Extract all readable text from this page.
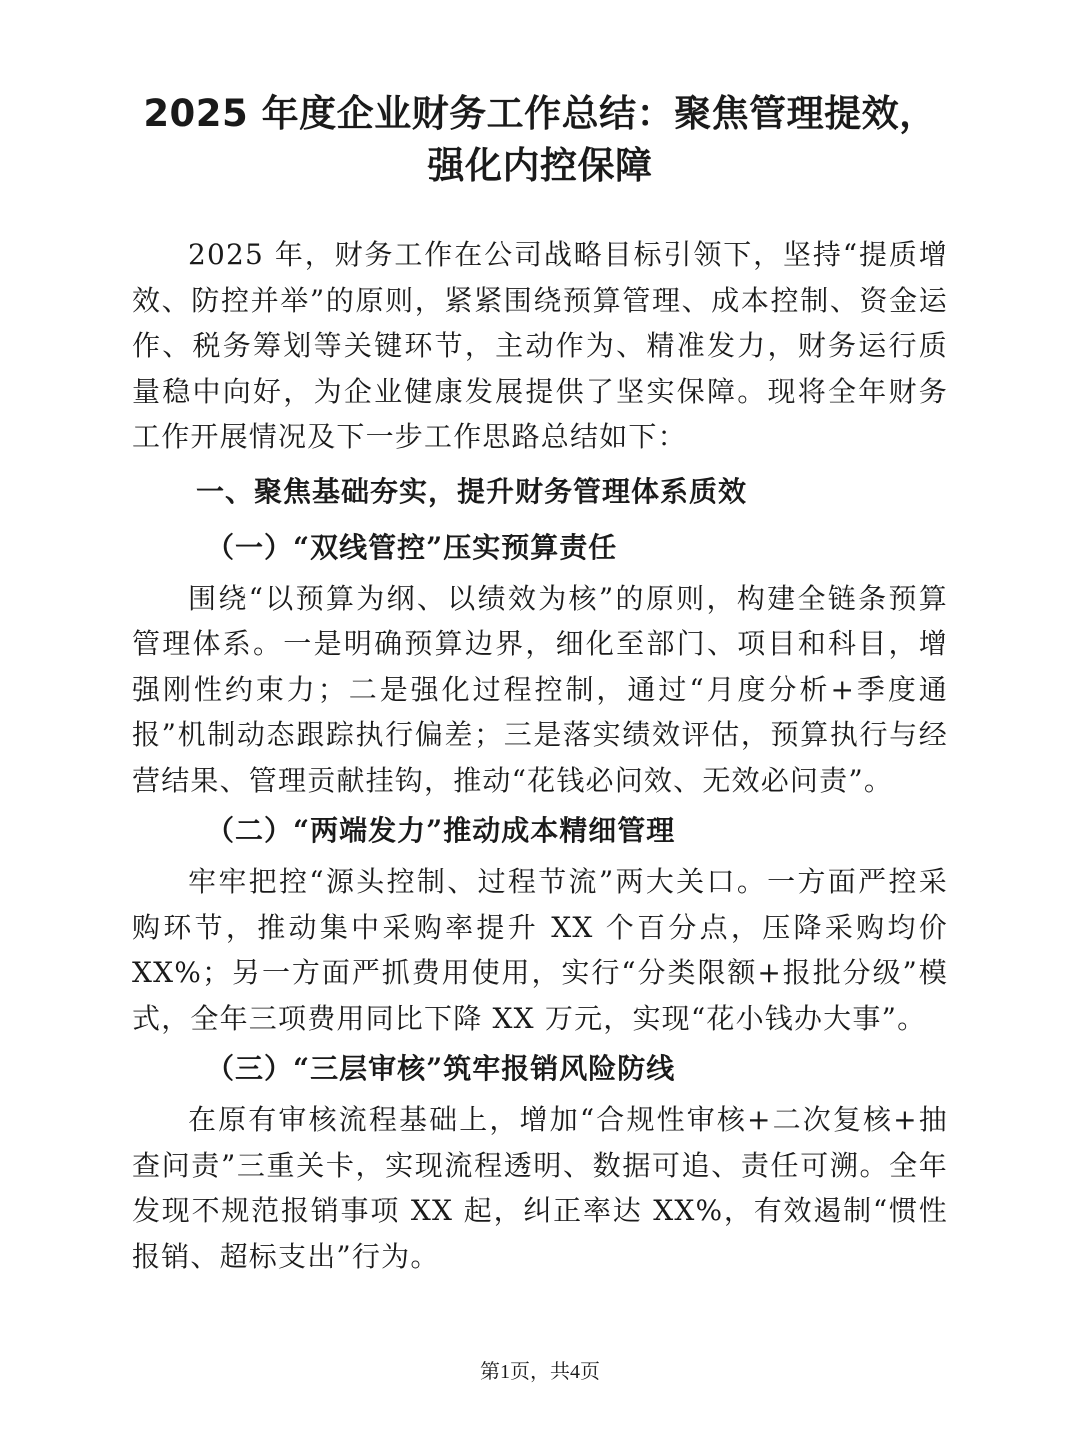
2025 年度企业财务工作总结：聚焦管理提效，
强化内控保障

2025 年，财务工作在公司战略目标引领下，坚持“提质增效、防控并举”的原则，紧紧围绕预算管理、成本控制、资金运作、税务筹划等关键环节，主动作为、精准发力，财务运行质量稳中向好，为企业健康发展提供了坚实保障。现将全年财务工作开展情况及下一步工作思路总结如下：

一、聚焦基础夯实，提升财务管理体系质效
（一）“双线管控”压实预算责任

围绕“以预算为纲、以绩效为核”的原则，构建全链条预算管理体系。一是明确预算边界，细化至部门、项目和科目，增强刚性约束力；二是强化过程控制，通过“月度分析+季度通报”机制动态跟踪执行偏差；三是落实绩效评估，预算执行与经营结果、管理贡献挂钩，推动“花钱必问效、无效必问责”。

（二）“两端发力”推动成本精细管理

牢牢把控“源头控制、过程节流”两大关口。一方面严控采购环节，推动集中采购率提升 XX 个百分点，压降采购均价 XX%；另一方面严抓费用使用，实行“分类限额+报批分级”模式，全年三项费用同比下降 XX 万元，实现“花小钱办大事”。

（三）“三层审核”筑牢报销风险防线

在原有审核流程基础上，增加“合规性审核+二次复核+抽查问责”三重关卡，实现流程透明、数据可追、责任可溯。全年发现不规范报销事项 XX 起，纠正率达 XX%，有效遏制“惯性报销、超标支出”行为。

第1页，共4页
